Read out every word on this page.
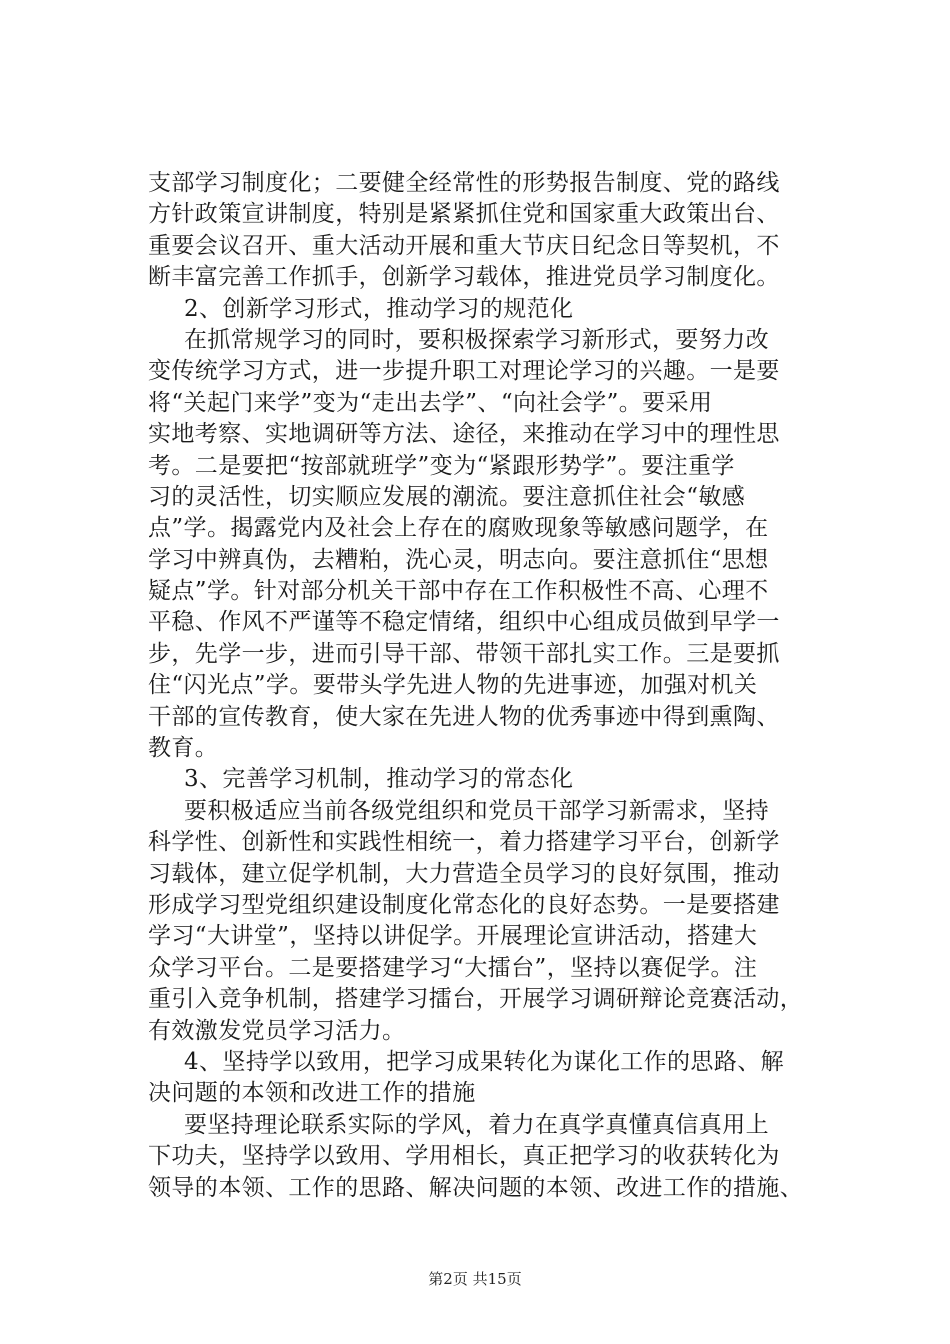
支部学习制度化；二要健全经常性的形势报告制度、党的路线
方针政策宣讲制度，特别是紧紧抓住党和国家重大政策出台、
重要会议召开、重大活动开展和重大节庆日纪念日等契机，不
断丰富完善工作抓手，创新学习载体，推进党员学习制度化。
2、创新学习形式，推动学习的规范化
在抓常规学习的同时，要积极探索学习新形式，要努力改
变传统学习方式，进一步提升职工对理论学习的兴趣。一是要
将“关起门来学”变为“走出去学”、“向社会学”。要采用
实地考察、实地调研等方法、途径，来推动在学习中的理性思
考。二是要把“按部就班学”变为“紧跟形势学”。要注重学
习的灵活性，切实顺应发展的潮流。要注意抓住社会“敏感
点”学。揭露党内及社会上存在的腐败现象等敏感问题学，在
学习中辨真伪，去糟粕，洗心灵，明志向。要注意抓住“思想
疑点”学。针对部分机关干部中存在工作积极性不高、心理不
平稳、作风不严谨等不稳定情绪，组织中心组成员做到早学一
步，先学一步，进而引导干部、带领干部扎实工作。三是要抓
住“闪光点”学。要带头学先进人物的先进事迹，加强对机关
干部的宣传教育，使大家在先进人物的优秀事迹中得到熏陶、
教育。
3、完善学习机制，推动学习的常态化
要积极适应当前各级党组织和党员干部学习新需求，坚持
科学性、创新性和实践性相统一，着力搭建学习平台，创新学
习载体，建立促学机制，大力营造全员学习的良好氛围，推动
形成学习型党组织建设制度化常态化的良好态势。一是要搭建
学习“大讲堂”，坚持以讲促学。开展理论宣讲活动，搭建大
众学习平台。二是要搭建学习“大擂台”，坚持以赛促学。注
重引入竞争机制，搭建学习擂台，开展学习调研辩论竞赛活动，
有效激发党员学习活力。
4、坚持学以致用，把学习成果转化为谋化工作的思路、解
决问题的本领和改进工作的措施
要坚持理论联系实际的学风，着力在真学真懂真信真用上
下功夫，坚持学以致用、学用相长，真正把学习的收获转化为
领导的本领、工作的思路、解决问题的本领、改进工作的措施、
第2页 共15页
